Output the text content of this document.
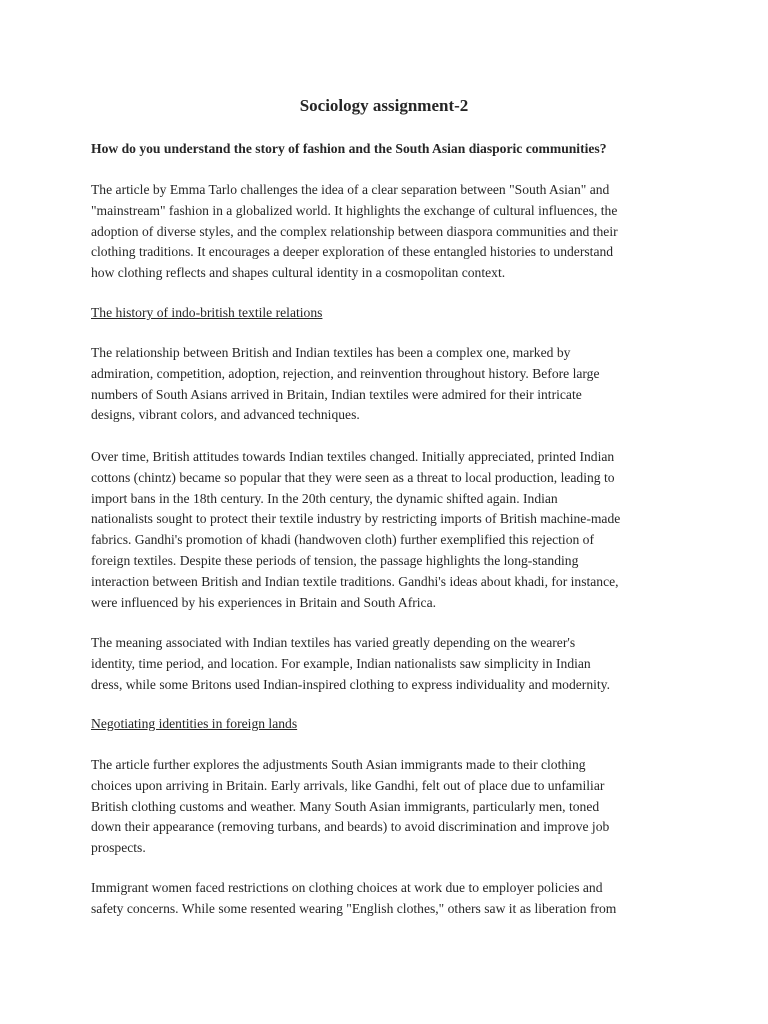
Sociology assignment-2

How do you understand the story of fashion and the South Asian diasporic communities?

The article by Emma Tarlo challenges the idea of a clear separation between "South Asian" and
"mainstream" fashion in a globalized world. It highlights the exchange of cultural influences, the
adoption of diverse styles, and the complex relationship between diaspora communities and their
clothing traditions. It encourages a deeper exploration of these entangled histories to understand
how clothing reflects and shapes cultural identity in a cosmopolitan context.

The history of indo-british textile relations

The relationship between British and Indian textiles has been a complex one, marked by
admiration, competition, adoption, rejection, and reinvention throughout history. Before large
numbers of South Asians arrived in Britain, Indian textiles were admired for their intricate
designs, vibrant colors, and advanced techniques.

Over time, British attitudes towards Indian textiles changed. Initially appreciated, printed Indian
cottons (chintz) became so popular that they were seen as a threat to local production, leading to
import bans in the 18th century. In the 20th century, the dynamic shifted again. Indian
nationalists sought to protect their textile industry by restricting imports of British machine-made
fabrics. Gandhi's promotion of khadi (handwoven cloth) further exemplified this rejection of
foreign textiles. Despite these periods of tension, the passage highlights the long-standing
interaction between British and Indian textile traditions. Gandhi's ideas about khadi, for instance,
were influenced by his experiences in Britain and South Africa.

The meaning associated with Indian textiles has varied greatly depending on the wearer's
identity, time period, and location. For example, Indian nationalists saw simplicity in Indian
dress, while some Britons used Indian-inspired clothing to express individuality and modernity.

Negotiating identities in foreign lands

The article further explores the adjustments South Asian immigrants made to their clothing
choices upon arriving in Britain. Early arrivals, like Gandhi, felt out of place due to unfamiliar
British clothing customs and weather. Many South Asian immigrants, particularly men, toned
down their appearance (removing turbans, and beards) to avoid discrimination and improve job
prospects.

Immigrant women faced restrictions on clothing choices at work due to employer policies and
safety concerns. While some resented wearing "English clothes," others saw it as liberation from
